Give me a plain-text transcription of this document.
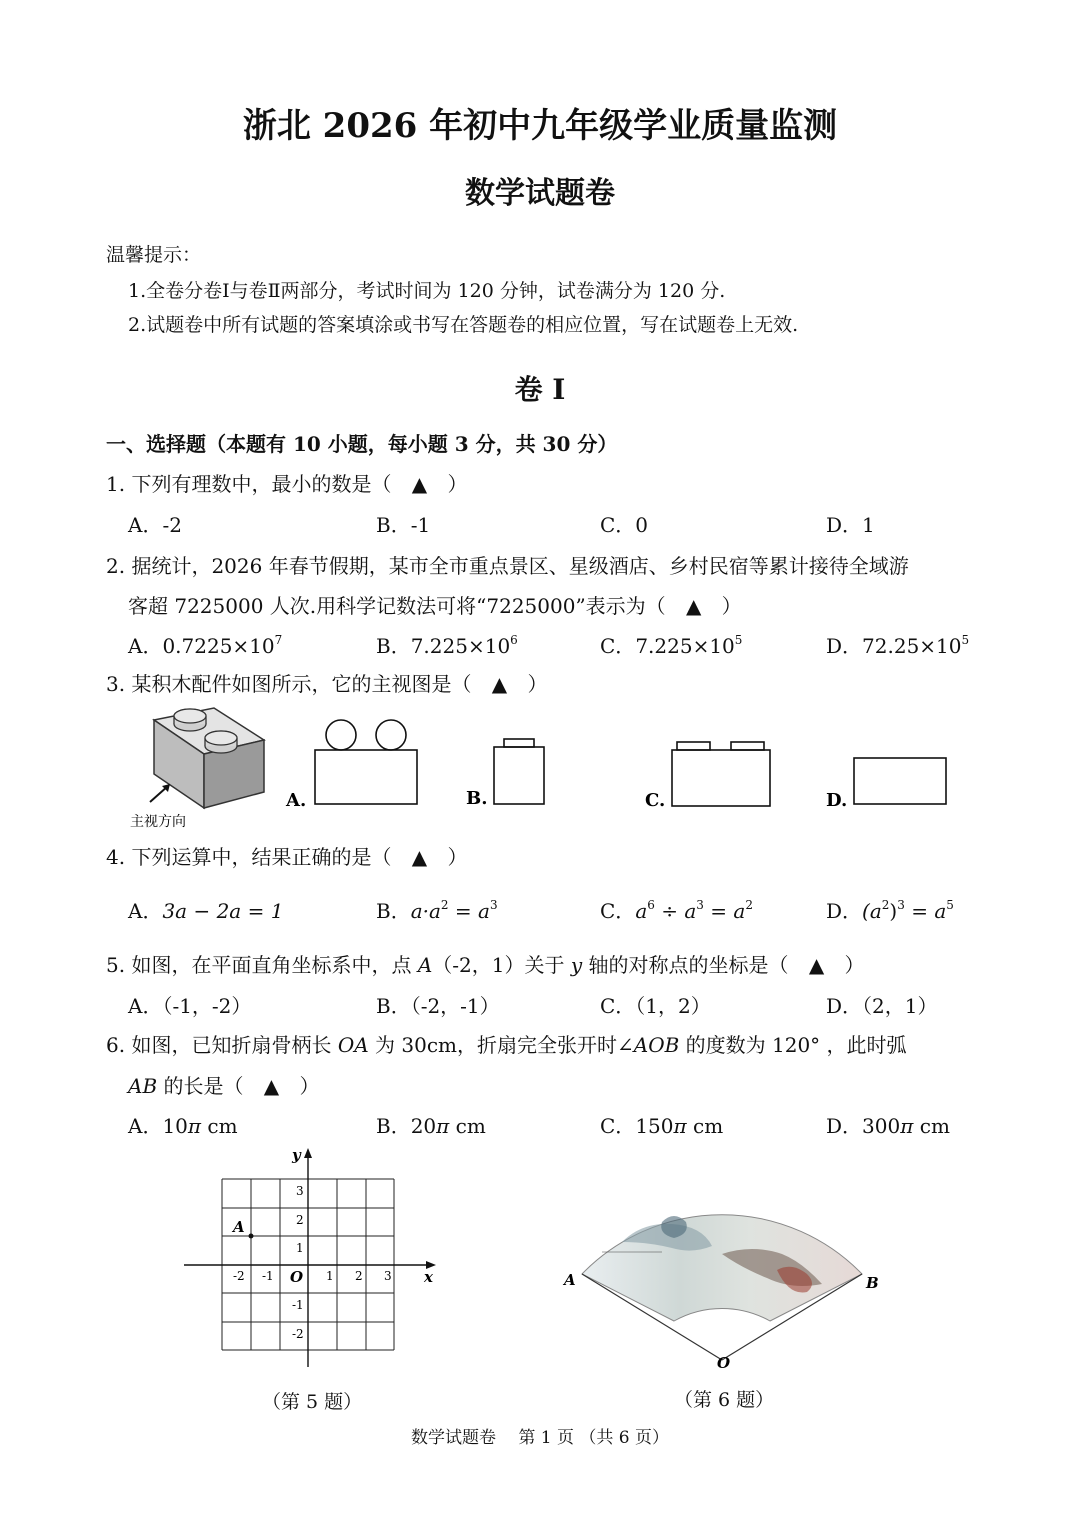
浙北 2026 年初中九年级学业质量监测
数学试题卷
温馨提示：
1.全卷分卷Ⅰ与卷Ⅱ两部分，考试时间为 120 分钟，试卷满分为 120 分.
2.试题卷中所有试题的答案填涂或书写在答题卷的相应位置，写在试题卷上无效.
卷 Ⅰ
一、选择题（本题有 10 小题，每小题 3 分，共 30 分）
1. 下列有理数中，最小的数是（ ▲ ）
A．-2	B．-1	C．0	D．1
2. 据统计，2026 年春节假期，某市全市重点景区、星级酒店、乡村民宿等累计接待全域游
客超 7225000 人次.用科学记数法可将“7225000”表示为（ ▲ ）
A．$0.7225\times 10^7$	B．$7.225\times 10^6$	C．$7.225\times 10^5$	D．$72.25\times 10^5$
3. 某积木配件如图所示，它的主视图是（ ▲ ）
主视方向
A.	B.	C.	D.
4. 下列运算中，结果正确的是（ ▲ ）
A．3a − 2a = 1	B．$a\cdot a^2 = a^3$	C．$a^6 \div a^3 = a^2$	D．$(a^2)^3 = a^5$
5. 如图，在平面直角坐标系中，点 A（-2，1）关于 y 轴的对称点的坐标是（ ▲ ）
A．（-1，-2）	B．（-2，-1）	C．（1，2）	D．（2，1）
6. 如图，已知折扇骨柄长 OA 为 30cm，折扇完全张开时∠AOB 的度数为 120° ，此时弧
AB 的长是（ ▲ ）
A．10π cm	B．20π cm	C．150π cm	D．300π cm
x
y
O
-2 -1	1 2 3
3
2
1
-1
-2
A
（第 5 题）
A	B
O
（第 6 题）
数学试题卷　 第 1 页 （共 6 页）
